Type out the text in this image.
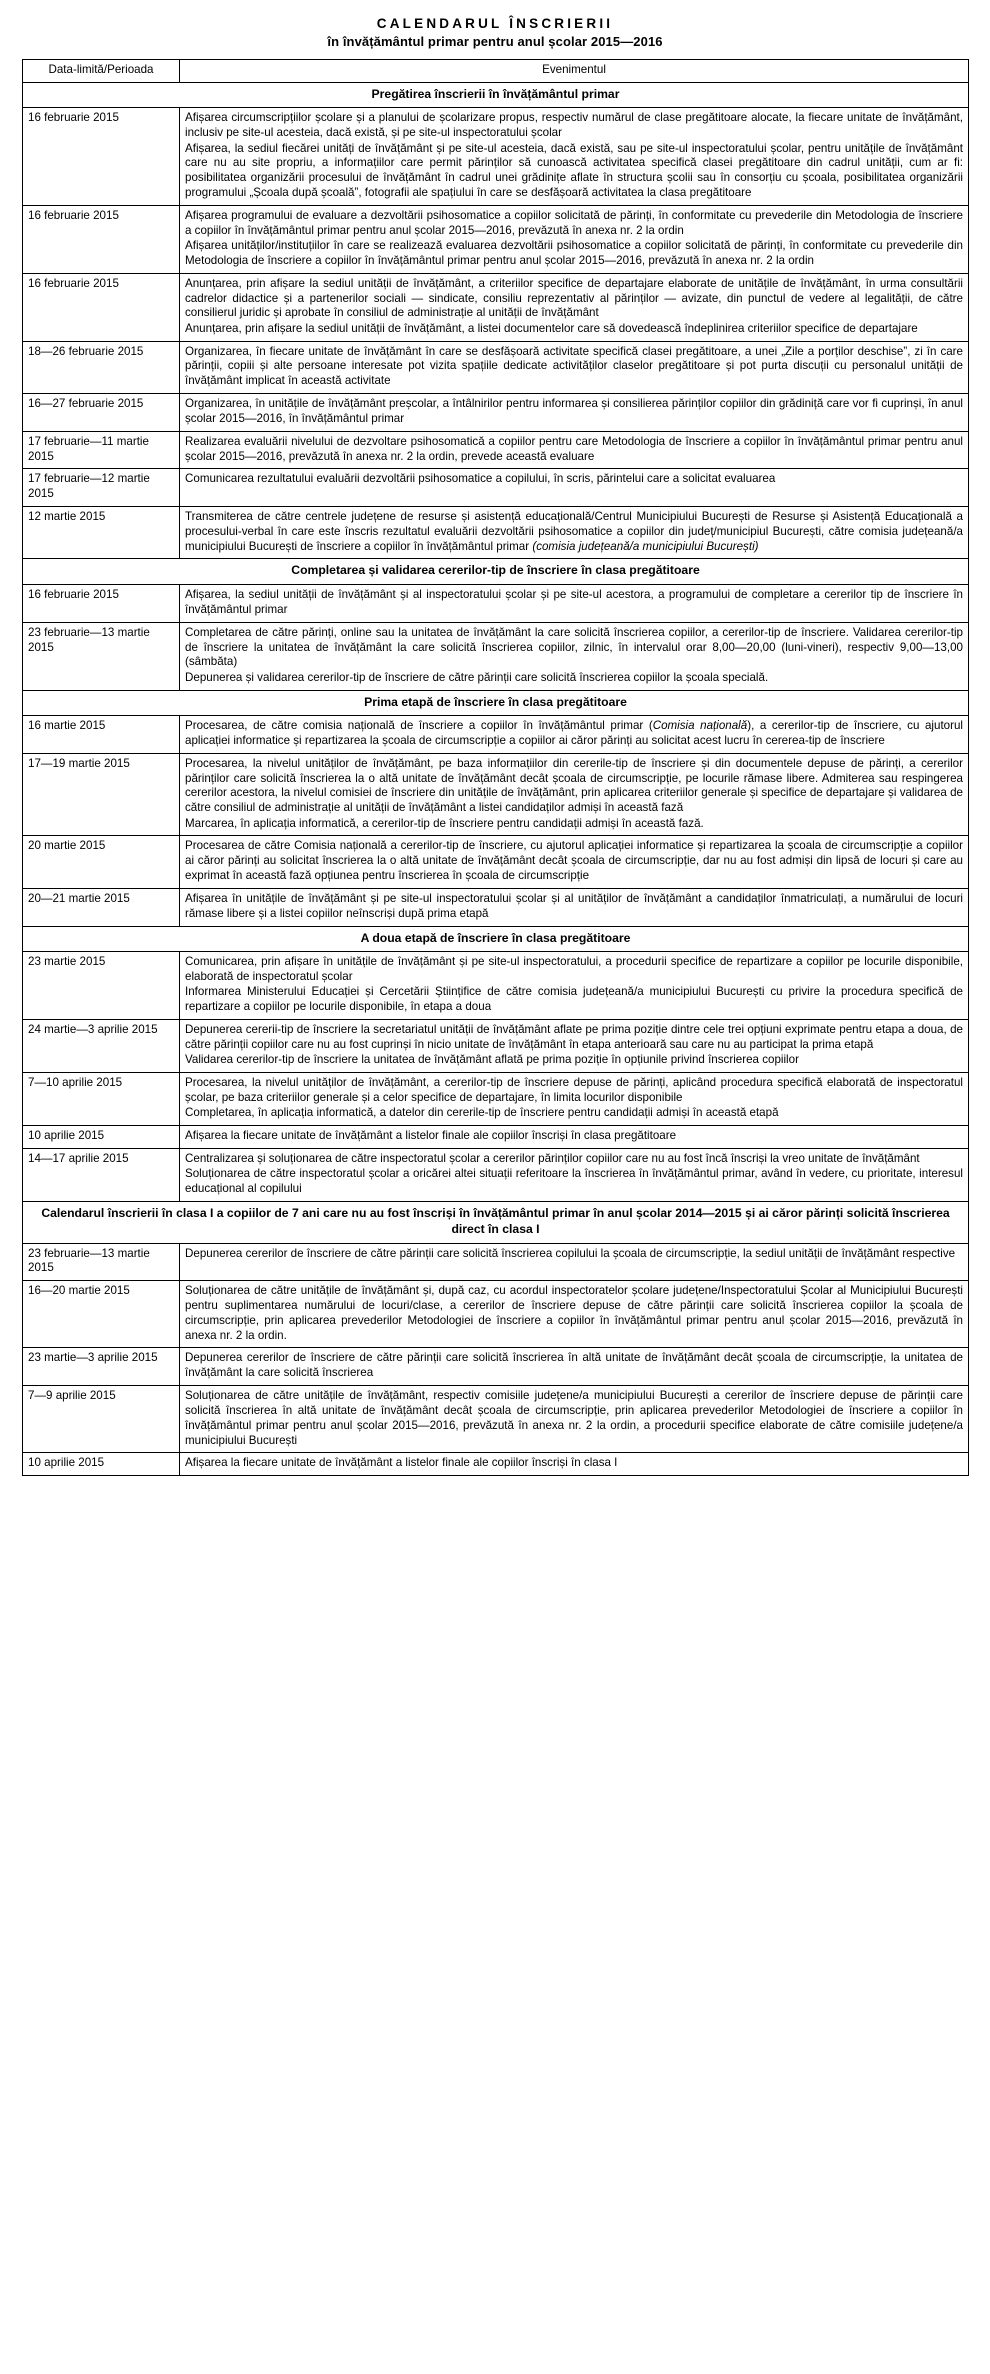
CALENDARUL ÎNSCRIERII
în învățământul primar pentru anul școlar 2015—2016
Data-limită/Perioada	Evenimentul
Pregătirea înscrierii în învățământul primar	
16 februarie 2015	Afișarea circumscripțiilor școlare și a planului de școlarizare propus, respectiv numărul de clase pregătitoare alocate, la fiecare unitate de învățământ, inclusiv pe site-ul acesteia, dacă există, și pe site-ul inspectoratului școlar

Afișarea, la sediul fiecărei unități de învățământ și pe site-ul acesteia, dacă există, sau pe site-ul inspectoratului școlar, pentru unitățile de învățământ care nu au site propriu, a informațiilor care permit părinților să cunoască activitatea specifică clasei pregătitoare din cadrul unității, cum ar fi: posibilitatea organizării procesului de învățământ în cadrul unei grădinițe aflate în structura școlii sau în consorțiu cu școala, posibilitatea organizării programului „Școala după școală”, fotografii ale spațiului în care se desfășoară activitatea la clasa pregătitoare

16 februarie 2015	Afișarea programului de evaluare a dezvoltării psihosomatice a copiilor solicitată de părinți, în conformitate cu prevederile din Metodologia de înscriere a copiilor în învățământul primar pentru anul școlar 2015—2016, prevăzută în anexa nr. 2 la ordin

Afișarea unităților/instituțiilor în care se realizează evaluarea dezvoltării psihosomatice a copiilor solicitată de părinți, în conformitate cu prevederile din Metodologia de înscriere a copiilor în învățământul primar pentru anul școlar 2015—2016, prevăzută în anexa nr. 2 la ordin

16 februarie 2015	Anunțarea, prin afișare la sediul unității de învățământ, a criteriilor specifice de departajare elaborate de unitățile de învățământ, în urma consultării cadrelor didactice și a partenerilor sociali — sindicate, consiliu reprezentativ al părinților — avizate, din punctul de vedere al legalității, de către consilierul juridic și aprobate în consiliul de administrație al unității de învățământ

Anunțarea, prin afișare la sediul unității de învățământ, a listei documentelor care să dovedească îndeplinirea criteriilor specifice de departajare

18—26 februarie 2015	Organizarea, în fiecare unitate de învățământ în care se desfășoară activitate specifică clasei pregătitoare, a unei „Zile a porților deschise”, zi în care părinții, copiii și alte persoane interesate pot vizita spațiile dedicate activităților claselor pregătitoare și pot purta discuții cu personalul unității de învățământ implicat în această activitate

16—27 februarie 2015	Organizarea, în unitățile de învățământ preșcolar, a întâlnirilor pentru informarea și consilierea părinților copiilor din grădiniță care vor fi cuprinși, în anul școlar 2015—2016, în învățământul primar

17 februarie—11 martie 2015	Realizarea evaluării nivelului de dezvoltare psihosomatică a copiilor pentru care Metodologia de înscriere a copiilor în învățământul primar pentru anul școlar 2015—2016, prevăzută în anexa nr. 2 la ordin, prevede această evaluare

17 februarie—12 martie 2015	Comunicarea rezultatului evaluării dezvoltării psihosomatice a copilului, în scris, părintelui care a solicitat evaluarea

12 martie 2015	Transmiterea de către centrele județene de resurse și asistență educațională/Centrul Municipiului București de Resurse și Asistență Educațională a procesului-verbal în care este înscris rezultatul evaluării dezvoltării psihosomatice a copiilor din județ/municipiul București, către comisia județeană/a municipiului București de înscriere a copiilor în învățământul primar (comisia județeană/a municipiului București)

Completarea și validarea cererilor-tip de înscriere în clasa pregătitoare	
16 februarie 2015	Afișarea, la sediul unității de învățământ și al inspectoratului școlar și pe site-ul acestora, a programului de completare a cererilor tip de înscriere în învățământul primar

23 februarie—13 martie 2015	Completarea de către părinți, online sau la unitatea de învățământ la care solicită înscrierea copiilor, a cererilor-tip de înscriere. Validarea cererilor-tip de înscriere la unitatea de învățământ la care solicită înscrierea copiilor, zilnic, în intervalul orar 8,00—20,00 (luni-vineri), respectiv 9,00—13,00 (sâmbăta)

Depunerea și validarea cererilor-tip de înscriere de către părinții care solicită înscrierea copiilor la școala specială.

Prima etapă de înscriere în clasa pregătitoare	
16 martie 2015	Procesarea, de către comisia națională de înscriere a copiilor în învățământul primar (Comisia națională), a cererilor-tip de înscriere, cu ajutorul aplicației informatice și repartizarea la școala de circumscripție a copiilor ai căror părinți au solicitat acest lucru în cererea-tip de înscriere

17—19 martie 2015	Procesarea, la nivelul unităților de învățământ, pe baza informațiilor din cererile-tip de înscriere și din documentele depuse de părinți, a cererilor părinților care solicită înscrierea la o altă unitate de învățământ decât școala de circumscripție, pe locurile rămase libere. Admiterea sau respingerea cererilor acestora, la nivelul comisiei de înscriere din unitățile de învățământ, prin aplicarea criteriilor generale și specifice de departajare și validarea de către consiliul de administrație al unității de învățământ a listei candidaților admiși în această fază

Marcarea, în aplicația informatică, a cererilor-tip de înscriere pentru candidații admiși în această fază.

20 martie 2015	Procesarea de către Comisia națională a cererilor-tip de înscriere, cu ajutorul aplicației informatice și repartizarea la școala de circumscripție a copiilor ai căror părinți au solicitat înscrierea la o altă unitate de învățământ decât școala de circumscripție, dar nu au fost admiși din lipsă de locuri și care au exprimat în această fază opțiunea pentru înscrierea în școala de circumscripție

20—21 martie 2015	Afișarea în unitățile de învățământ și pe site-ul inspectoratului școlar și al unităților de învățământ a candidaților înmatriculați, a numărului de locuri rămase libere și a listei copiilor neînscriși după prima etapă

A doua etapă de înscriere în clasa pregătitoare	
23 martie 2015	Comunicarea, prin afișare în unitățile de învățământ și pe site-ul inspectoratului, a procedurii specifice de repartizare a copiilor pe locurile disponibile, elaborată de inspectoratul școlar

Informarea Ministerului Educației și Cercetării Științifice de către comisia județeană/a municipiului București cu privire la procedura specifică de repartizare a copiilor pe locurile disponibile, în etapa a doua

24 martie—3 aprilie 2015	Depunerea cererii-tip de înscriere la secretariatul unității de învățământ aflate pe prima poziție dintre cele trei opțiuni exprimate pentru etapa a doua, de către părinții copiilor care nu au fost cuprinși în nicio unitate de învățământ în etapa anterioară sau care nu au participat la prima etapă

Validarea cererilor-tip de înscriere la unitatea de învățământ aflată pe prima poziție în opțiunile privind înscrierea copiilor

7—10 aprilie 2015	Procesarea, la nivelul unităților de învățământ, a cererilor-tip de înscriere depuse de părinți, aplicând procedura specifică elaborată de inspectoratul școlar, pe baza criteriilor generale și a celor specifice de departajare, în limita locurilor disponibile

Completarea, în aplicația informatică, a datelor din cererile-tip de înscriere pentru candidații admiși în această etapă

10 aprilie 2015	Afișarea la fiecare unitate de învățământ a listelor finale ale copiilor înscriși în clasa pregătitoare

14—17 aprilie 2015	Centralizarea și soluționarea de către inspectoratul școlar a cererilor părinților copiilor care nu au fost încă înscriși la vreo unitate de învățământ

Soluționarea de către inspectoratul școlar a oricărei altei situații referitoare la înscrierea în învățământul primar, având în vedere, cu prioritate, interesul educațional al copilului

Calendarul înscrierii în clasa I a copiilor de 7 ani care nu au fost înscriși în învățământul primar în anul școlar 2014—2015 și ai căror părinți solicită înscrierea direct în clasa I	
23 februarie—13 martie 2015	Depunerea cererilor de înscriere de către părinții care solicită înscrierea copilului la școala de circumscripție, la sediul unității de învățământ respective

16—20 martie 2015	Soluționarea de către unitățile de învățământ și, după caz, cu acordul inspectoratelor școlare județene/Inspectoratului Școlar al Municipiului București pentru suplimentarea numărului de locuri/clase, a cererilor de înscriere depuse de către părinții care solicită înscrierea copiilor la școala de circumscripție, prin aplicarea prevederilor Metodologiei de înscriere a copiilor în învățământul primar pentru anul școlar 2015—2016, prevăzută în anexa nr. 2 la ordin.

23 martie—3 aprilie 2015	Depunerea cererilor de înscriere de către părinții care solicită înscrierea în altă unitate de învățământ decât școala de circumscripție, la unitatea de învățământ la care solicită înscrierea

7—9 aprilie 2015	Soluționarea de către unitățile de învățământ, respectiv comisiile județene/a municipiului București a cererilor de înscriere depuse de părinții care solicită înscrierea în altă unitate de învățământ decât școala de circumscripție, prin aplicarea prevederilor Metodologiei de înscriere a copiilor în învățământul primar pentru anul școlar 2015—2016, prevăzută în anexa nr. 2 la ordin, a procedurii specifice elaborate de către comisiile județene/a municipiului București

10 aprilie 2015	Afișarea la fiecare unitate de învățământ a listelor finale ale copiilor înscriși în clasa I
